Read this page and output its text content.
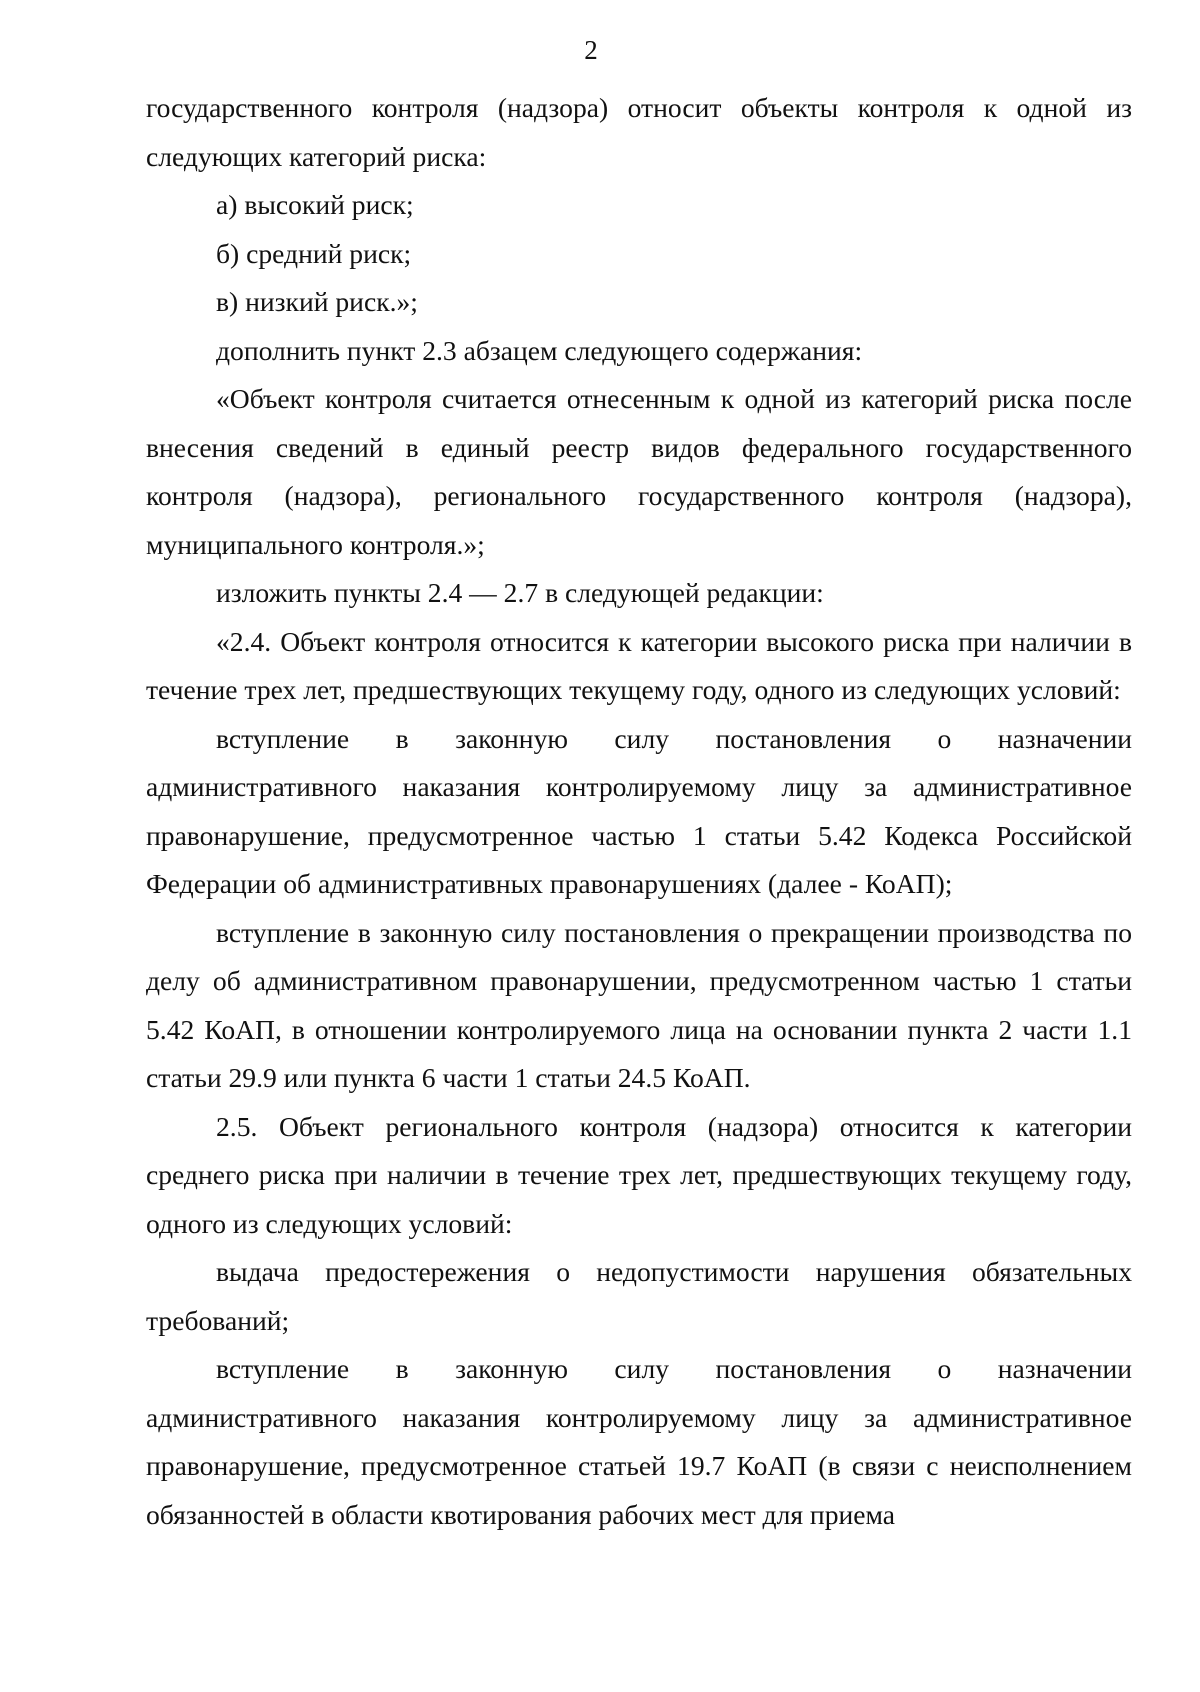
2

государственного контроля (надзора) относит объекты контроля к одной из следующих категорий риска:

а) высокий риск;

б) средний риск;

в) низкий риск.»;

дополнить пункт 2.3 абзацем следующего содержания:

«Объект контроля считается отнесенным к одной из категорий риска после внесения сведений в единый реестр видов федерального государственного контроля (надзора), регионального государственного контроля (надзора), муниципального контроля.»;

изложить пункты 2.4 — 2.7 в следующей редакции:

«2.4. Объект контроля относится к категории высокого риска при наличии в течение трех лет, предшествующих текущему году, одного из следующих условий:

вступление в законную силу постановления о назначении административного наказания контролируемому лицу за административное правонарушение, предусмотренное частью 1 статьи 5.42 Кодекса Российской Федерации об административных правонарушениях (далее - КоАП);

вступление в законную силу постановления о прекращении производства по делу об административном правонарушении, предусмотренном частью 1 статьи 5.42 КоАП, в отношении контролируемого лица на основании пункта 2 части 1.1 статьи 29.9 или пункта 6 части 1 статьи 24.5 КоАП.

2.5. Объект регионального контроля (надзора) относится к категории среднего риска при наличии в течение трех лет, предшествующих текущему году, одного из следующих условий:

выдача предостережения о недопустимости нарушения обязательных требований;

вступление в законную силу постановления о назначении административного наказания контролируемому лицу за административное правонарушение, предусмотренное статьей 19.7 КоАП (в связи с неисполнением обязанностей в области квотирования рабочих мест для приема
